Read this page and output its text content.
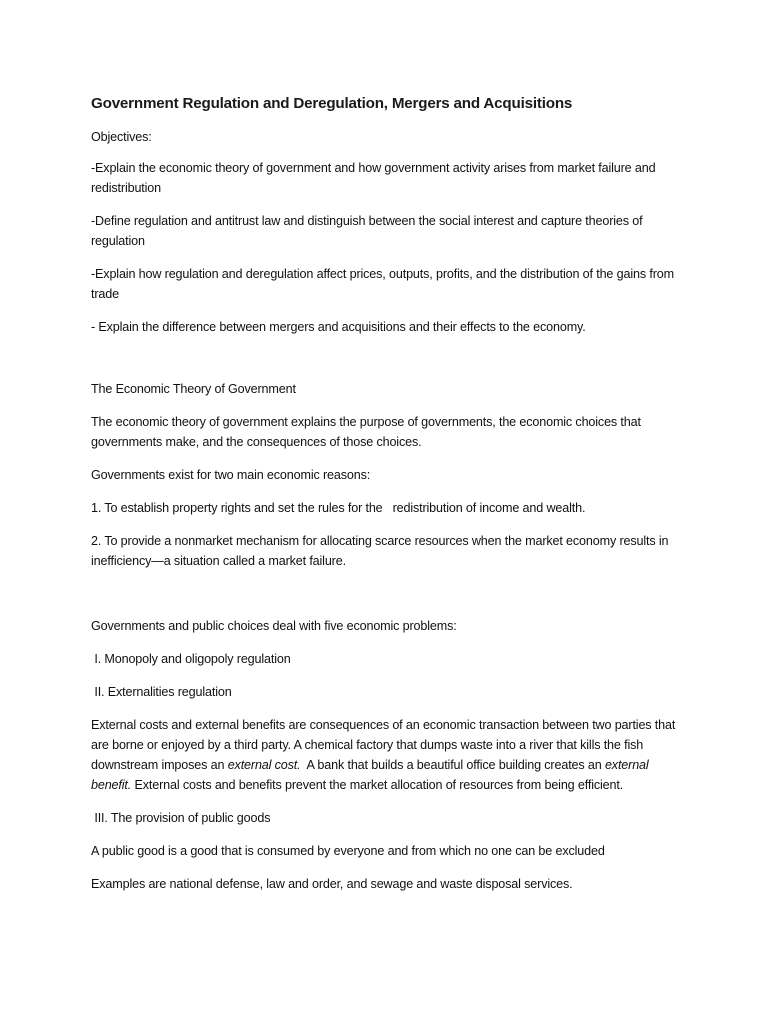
Government Regulation and Deregulation, Mergers and Acquisitions

Objectives:

-Explain the economic theory of government and how government activity arises from market failure and redistribution

-Define regulation and antitrust law and distinguish between the social interest and capture theories of regulation

-Explain how regulation and deregulation affect prices, outputs, profits, and the distribution of the gains from trade

- Explain the difference between mergers and acquisitions and their effects to the economy.

The Economic Theory of Government

The economic theory of government explains the purpose of governments, the economic choices that governments make, and the consequences of those choices.

Governments exist for two main economic reasons:

1. To establish property rights and set the rules for the   redistribution of income and wealth.

2. To provide a nonmarket mechanism for allocating scarce resources when the market economy results in inefficiency—a situation called a market failure.

Governments and public choices deal with five economic problems:

I. Monopoly and oligopoly regulation

II. Externalities regulation

External costs and external benefits are consequences of an economic transaction between two parties that are borne or enjoyed by a third party. A chemical factory that dumps waste into a river that kills the fish downstream imposes an external cost.  A bank that builds a beautiful office building creates an external benefit. External costs and benefits prevent the market allocation of resources from being efficient.

III. The provision of public goods

A public good is a good that is consumed by everyone and from which no one can be excluded

Examples are national defense, law and order, and sewage and waste disposal services.
